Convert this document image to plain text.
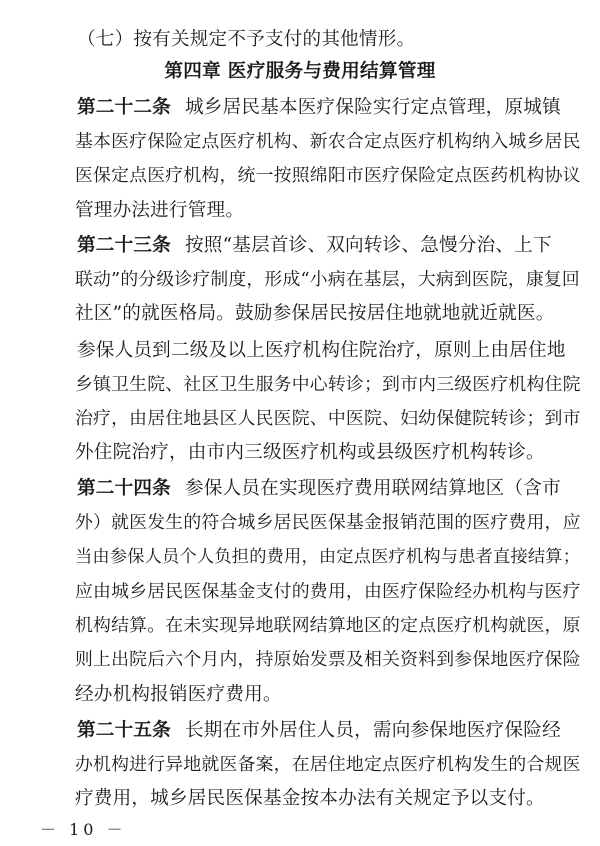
（七）按有关规定不予支付的其他情形。
第四章 医疗服务与费用结算管理
第二十二条 城乡居民基本医疗保险实行定点管理，原城镇
基本医疗保险定点医疗机构、新农合定点医疗机构纳入城乡居民
医保定点医疗机构，统一按照绵阳市医疗保险定点医药机构协议
管理办法进行管理。
第二十三条 按照“基层首诊、双向转诊、急慢分治、上下
联动”的分级诊疗制度，形成“小病在基层，大病到医院，康复回
社区”的就医格局。鼓励参保居民按居住地就地就近就医。
参保人员到二级及以上医疗机构住院治疗，原则上由居住地
乡镇卫生院、社区卫生服务中心转诊；到市内三级医疗机构住院
治疗，由居住地县区人民医院、中医院、妇幼保健院转诊；到市
外住院治疗，由市内三级医疗机构或县级医疗机构转诊。
第二十四条 参保人员在实现医疗费用联网结算地区（含市
外）就医发生的符合城乡居民医保基金报销范围的医疗费用，应
当由参保人员个人负担的费用，由定点医疗机构与患者直接结算；
应由城乡居民医保基金支付的费用，由医疗保险经办机构与医疗
机构结算。在未实现异地联网结算地区的定点医疗机构就医，原
则上出院后六个月内，持原始发票及相关资料到参保地医疗保险
经办机构报销医疗费用。
第二十五条 长期在市外居住人员，需向参保地医疗保险经
办机构进行异地就医备案，在居住地定点医疗机构发生的合规医
疗费用，城乡居民医保基金按本办法有关规定予以支付。
－ 10 －
